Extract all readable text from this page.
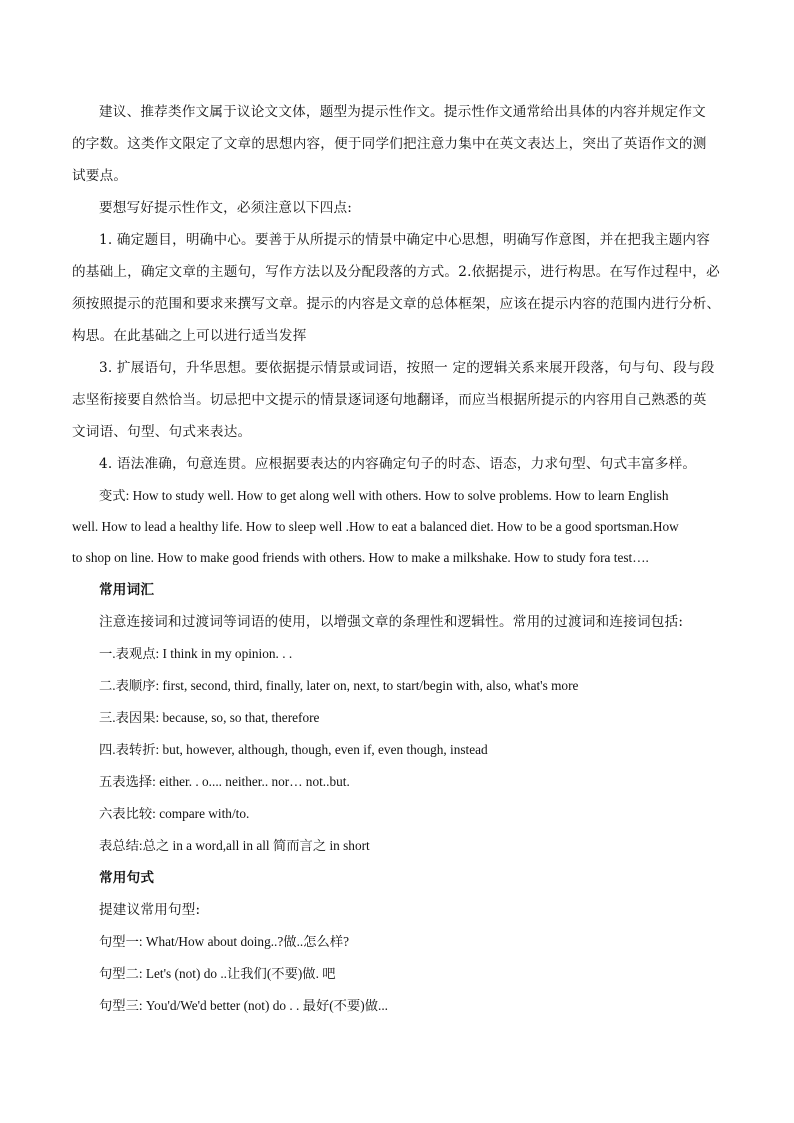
建议、推荐类作文属于议论文文体，题型为提示性作文。提示性作文通常给出具体的内容并规定作文

的字数。这类作文限定了文章的思想内容，便于同学们把注意力集中在英文表达上，突出了英语作文的测

试要点。

要想写好提示性作文，必须注意以下四点:

1. 确定题目，明确中心。要善于从所提示的情景中确定中心思想，明确写作意图，并在把我主题内容

的基础上，确定文章的主题句，写作方法以及分配段落的方式。2.依据提示，进行构思。在写作过程中，必

须按照提示的范围和要求来撰写文章。提示的内容是文章的总体框架，应该在提示内容的范围内进行分析、

构思。在此基础之上可以进行适当发挥

3. 扩展语句，升华思想。要依据提示情景或词语，按照一 定的逻辑关系来展开段落，句与句、段与段

志坚衔接要自然恰当。切忌把中文提示的情景逐词逐句地翻译，而应当根据所提示的内容用自己熟悉的英

文词语、句型、句式来表达。

4. 语法准确，句意连贯。应根据要表达的内容确定句子的时态、语态，力求句型、句式丰富多样。

变式: How to study well. How to get along well with others. How to solve problems. How to learn English

well. How to lead a healthy life. How to sleep well .How to eat a balanced diet. How to be a good sportsman.How

to shop on line. How to make good friends with others. How to make a milkshake. How to study fora test….

常用词汇

注意连接词和过渡词等词语的使用，以增强文章的条理性和逻辑性。常用的过渡词和连接词包括:

一.表观点: I think in my opinion. . .

二.表顺序: first, second, third, finally, later on, next, to start/begin with, also, what's more

三.表因果: because, so, so that, therefore

四.表转折: but, however, although, though, even if, even though, instead

五表选择: either. . o.... neither.. nor… not..but.

六表比较: compare with/to.

表总结:总之 in a word,all in all 简而言之 in short

常用句式

提建议常用句型:

句型一: What/How about doing..?做..怎么样?

句型二: Let's (not) do ..让我们(不要)做. 吧

句型三: You'd/We'd better (not) do . . 最好(不要)做...
